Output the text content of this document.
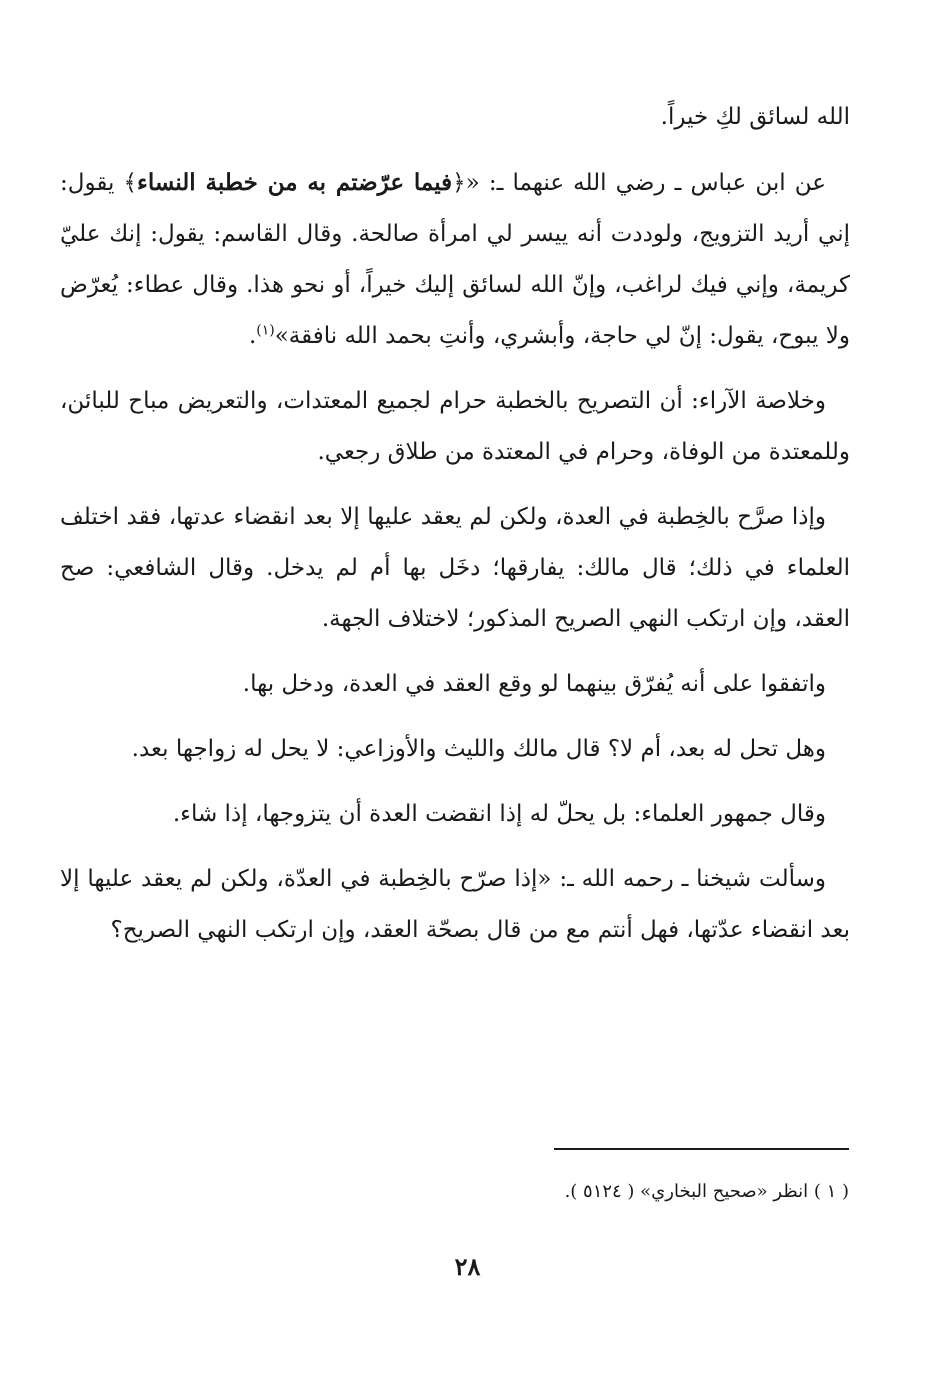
الله لسائق لكِ خيراً.

عن ابن عباس ـ رضي الله عنهما ـ: «﴿فيما عرّضتم به من خطبة النساء﴾ يقول: إني أريد التزويج، ولوددت أنه ييسر لي امرأة صالحة. وقال القاسم: يقول: إنك عليّ كريمة، وإني فيك لراغب، وإنّ الله لسائق إليك خيراً، أو نحو هذا. وقال عطاء: يُعرّض ولا يبوح، يقول: إنّ لي حاجة، وأبشري، وأنتِ بحمد الله نافقة»$^{(١)}$.

وخلاصة الآراء: أن التصريح بالخطبة حرام لجميع المعتدات، والتعريض مباح للبائن، وللمعتدة من الوفاة، وحرام في المعتدة من طلاق رجعي.

وإذا صرَّح بالخِطبة في العدة، ولكن لم يعقد عليها إلا بعد انقضاء عدتها، فقد اختلف العلماء في ذلك؛ قال مالك: يفارقها؛ دخَل بها أم لم يدخل. وقال الشافعي: صح العقد، وإن ارتكب النهي الصريح المذكور؛ لاختلاف الجهة.

واتفقوا على أنه يُفرّق بينهما لو وقع العقد في العدة، ودخل بها.

وهل تحل له بعد، أم لا؟ قال مالك والليث والأوزاعي: لا يحل له زواجها بعد.

وقال جمهور العلماء: بل يحلّ له إذا انقضت العدة أن يتزوجها، إذا شاء.

وسألت شيخنا ـ رحمه الله ـ: «إذا صرّح بالخِطبة في العدّة، ولكن لم يعقد عليها إلا بعد انقضاء عدّتها، فهل أنتم مع من قال بصحّة العقد، وإن ارتكب النهي الصريح؟

( ١ ) انظر «صحيح البخاري» ( ٥١٢٤ ).
٢٨
